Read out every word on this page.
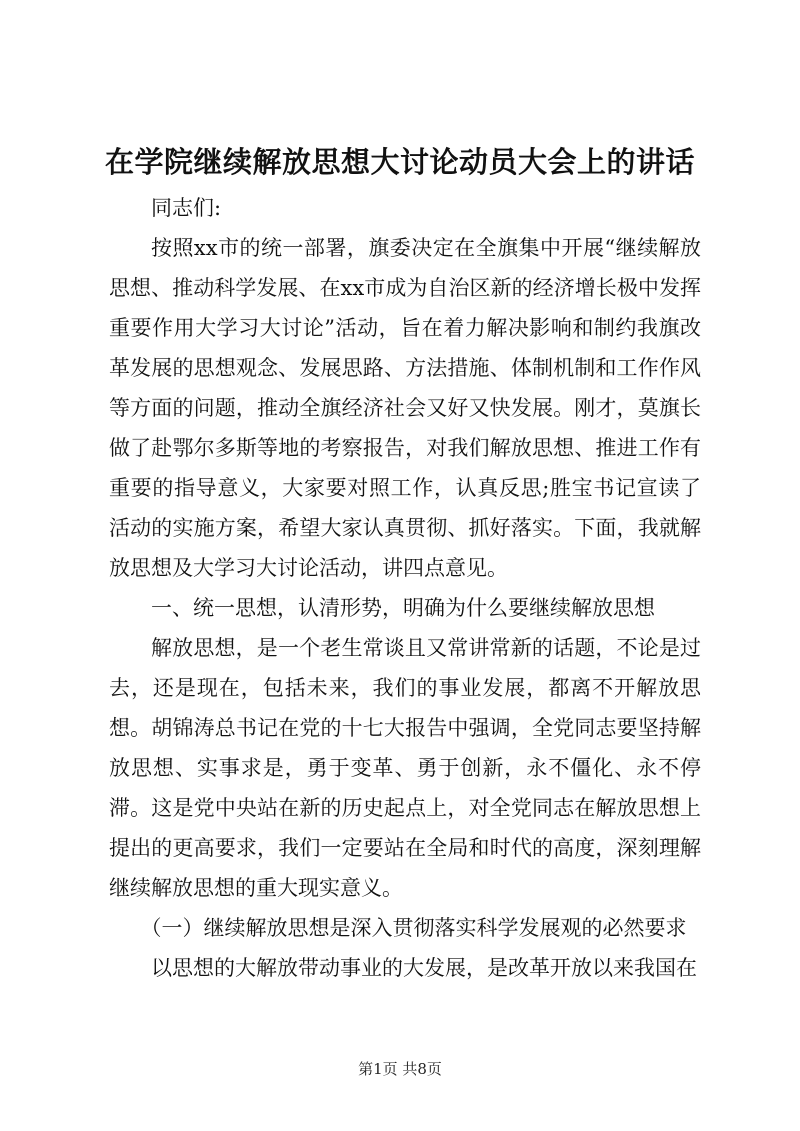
在学院继续解放思想大讨论动员大会上的讲话

同志们:

按照xx市的统一部署，旗委决定在全旗集中开展“继续解放思想、推动科学发展、在xx市成为自治区新的经济增长极中发挥重要作用大学习大讨论”活动，旨在着力解决影响和制约我旗改革发展的思想观念、发展思路、方法措施、体制机制和工作作风等方面的问题，推动全旗经济社会又好又快发展。刚才，莫旗长做了赴鄂尔多斯等地的考察报告，对我们解放思想、推进工作有重要的指导意义，大家要对照工作，认真反思;胜宝书记宣读了活动的实施方案，希望大家认真贯彻、抓好落实。下面，我就解放思想及大学习大讨论活动，讲四点意见。

一、统一思想，认清形势，明确为什么要继续解放思想

解放思想，是一个老生常谈且又常讲常新的话题，不论是过去，还是现在，包括未来，我们的事业发展，都离不开解放思想。胡锦涛总书记在党的十七大报告中强调，全党同志要坚持解放思想、实事求是，勇于变革、勇于创新，永不僵化、永不停滞。这是党中央站在新的历史起点上，对全党同志在解放思想上提出的更高要求，我们一定要站在全局和时代的高度，深刻理解继续解放思想的重大现实意义。

（一）继续解放思想是深入贯彻落实科学发展观的必然要求

以思想的大解放带动事业的大发展，是改革开放以来我国在

第1页 共8页
